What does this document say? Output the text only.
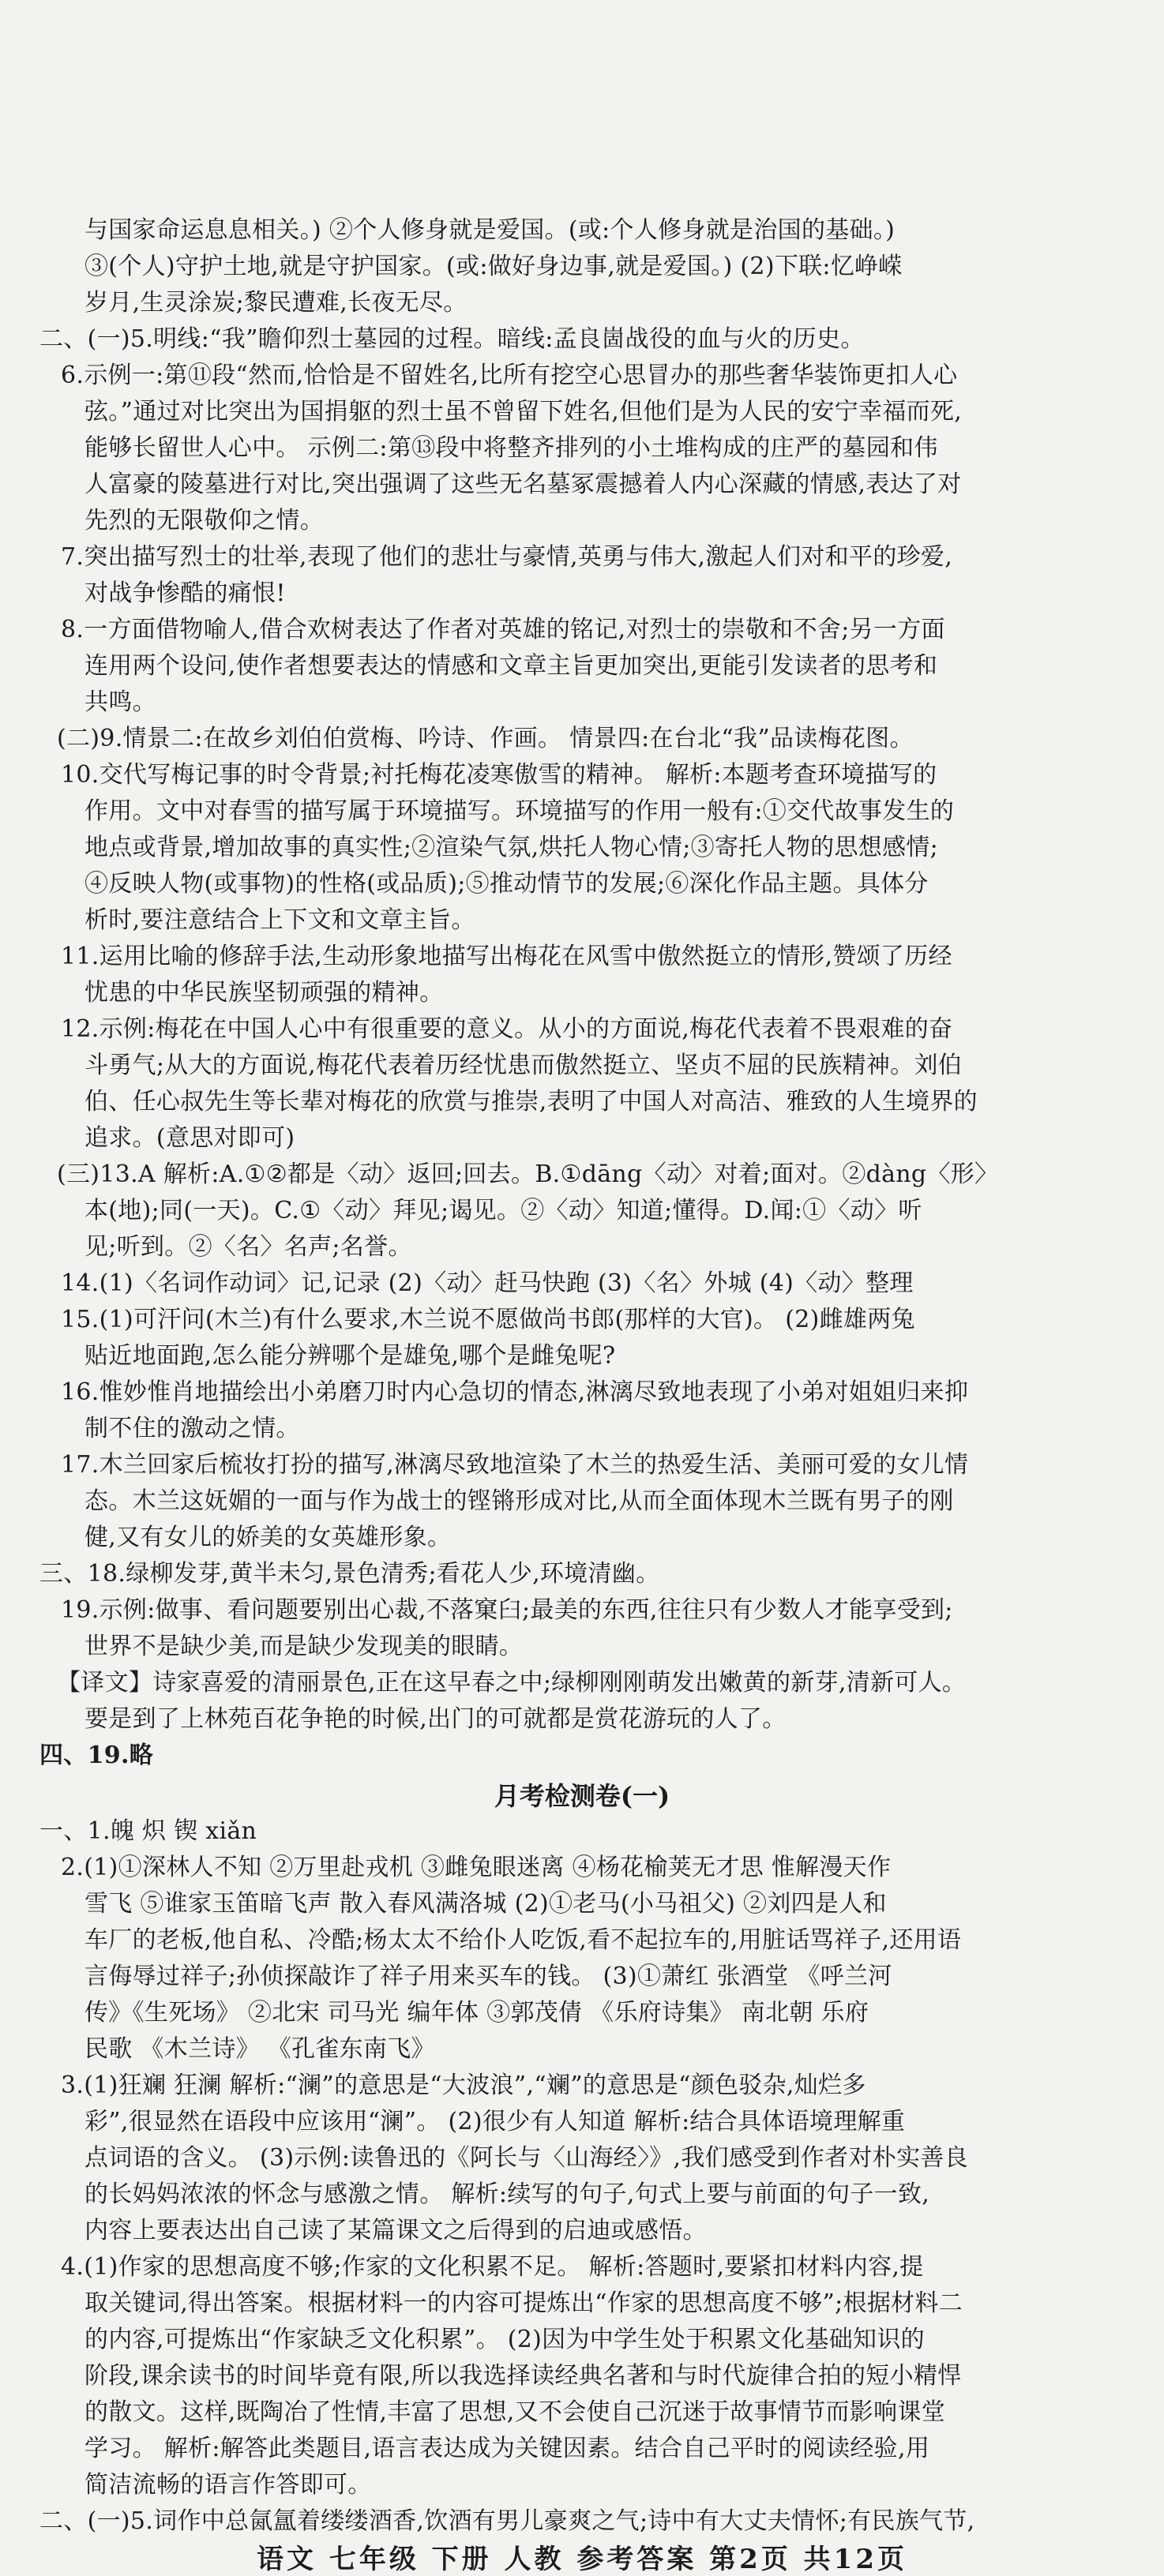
与国家命运息息相关。) ②个人修身就是爱国。(或:个人修身就是治国的基础。)
③(个人)守护土地,就是守护国家。(或:做好身边事,就是爱国。) (2)下联:忆峥嵘
岁月,生灵涂炭;黎民遭难,长夜无尽。
二、(一)5.明线:“我”瞻仰烈士墓园的过程。暗线:孟良崮战役的血与火的历史。
6.示例一:第⑪段“然而,恰恰是不留姓名,比所有挖空心思冒办的那些奢华装饰更扣人心
弦。”通过对比突出为国捐躯的烈士虽不曾留下姓名,但他们是为人民的安宁幸福而死,
能够长留世人心中。 示例二:第⑬段中将整齐排列的小土堆构成的庄严的墓园和伟
人富豪的陵墓进行对比,突出强调了这些无名墓冢震撼着人内心深藏的情感,表达了对
先烈的无限敬仰之情。
7.突出描写烈士的壮举,表现了他们的悲壮与豪情,英勇与伟大,激起人们对和平的珍爱,
对战争惨酷的痛恨!
8.一方面借物喻人,借合欢树表达了作者对英雄的铭记,对烈士的崇敬和不舍;另一方面
连用两个设问,使作者想要表达的情感和文章主旨更加突出,更能引发读者的思考和
共鸣。
(二)9.情景二:在故乡刘伯伯赏梅、吟诗、作画。 情景四:在台北“我”品读梅花图。
10.交代写梅记事的时令背景;衬托梅花凌寒傲雪的精神。 解析:本题考查环境描写的
作用。文中对春雪的描写属于环境描写。环境描写的作用一般有:①交代故事发生的
地点或背景,增加故事的真实性;②渲染气氛,烘托人物心情;③寄托人物的思想感情;
④反映人物(或事物)的性格(或品质);⑤推动情节的发展;⑥深化作品主题。具体分
析时,要注意结合上下文和文章主旨。
11.运用比喻的修辞手法,生动形象地描写出梅花在风雪中傲然挺立的情形,赞颂了历经
忧患的中华民族坚韧顽强的精神。
12.示例:梅花在中国人心中有很重要的意义。从小的方面说,梅花代表着不畏艰难的奋
斗勇气;从大的方面说,梅花代表着历经忧患而傲然挺立、坚贞不屈的民族精神。刘伯
伯、任心叔先生等长辈对梅花的欣赏与推崇,表明了中国人对高洁、雅致的人生境界的
追求。(意思对即可)
(三)13.A 解析:A.①②都是〈动〉返回;回去。B.①dāng〈动〉对着;面对。②dàng〈形〉
本(地);同(一天)。C.①〈动〉拜见;谒见。②〈动〉知道;懂得。D.闻:①〈动〉听
见;听到。②〈名〉名声;名誉。
14.(1)〈名词作动词〉记,记录 (2)〈动〉赶马快跑 (3)〈名〉外城 (4)〈动〉整理
15.(1)可汗问(木兰)有什么要求,木兰说不愿做尚书郎(那样的大官)。 (2)雌雄两兔
贴近地面跑,怎么能分辨哪个是雄兔,哪个是雌兔呢?
16.惟妙惟肖地描绘出小弟磨刀时内心急切的情态,淋漓尽致地表现了小弟对姐姐归来抑
制不住的激动之情。
17.木兰回家后梳妆打扮的描写,淋漓尽致地渲染了木兰的热爱生活、美丽可爱的女儿情
态。木兰这妩媚的一面与作为战士的铿锵形成对比,从而全面体现木兰既有男子的刚
健,又有女儿的娇美的女英雄形象。
三、18.绿柳发芽,黄半未匀,景色清秀;看花人少,环境清幽。
19.示例:做事、看问题要别出心裁,不落窠臼;最美的东西,往往只有少数人才能享受到;
世界不是缺少美,而是缺少发现美的眼睛。
【译文】诗家喜爱的清丽景色,正在这早春之中;绿柳刚刚萌发出嫩黄的新芽,清新可人。
要是到了上林苑百花争艳的时候,出门的可就都是赏花游玩的人了。
四、19.略
月考检测卷(一)
一、1.魄 炽 锲 xiǎn
2.(1)①深林人不知 ②万里赴戎机 ③雌兔眼迷离 ④杨花榆荚无才思 惟解漫天作
雪飞 ⑤谁家玉笛暗飞声 散入春风满洛城 (2)①老马(小马祖父) ②刘四是人和
车厂的老板,他自私、冷酷;杨太太不给仆人吃饭,看不起拉车的,用脏话骂祥子,还用语
言侮辱过祥子;孙侦探敲诈了祥子用来买车的钱。 (3)①萧红 张酒堂 《呼兰河
传》《生死场》 ②北宋 司马光 编年体 ③郭茂倩 《乐府诗集》 南北朝 乐府
民歌 《木兰诗》 《孔雀东南飞》
3.(1)狂斓 狂澜 解析:“澜”的意思是“大波浪”,“斓”的意思是“颜色驳杂,灿烂多
彩”,很显然在语段中应该用“澜”。 (2)很少有人知道 解析:结合具体语境理解重
点词语的含义。 (3)示例:读鲁迅的《阿长与〈山海经〉》,我们感受到作者对朴实善良
的长妈妈浓浓的怀念与感激之情。 解析:续写的句子,句式上要与前面的句子一致,
内容上要表达出自己读了某篇课文之后得到的启迪或感悟。
4.(1)作家的思想高度不够;作家的文化积累不足。 解析:答题时,要紧扣材料内容,提
取关键词,得出答案。根据材料一的内容可提炼出“作家的思想高度不够”;根据材料二
的内容,可提炼出“作家缺乏文化积累”。 (2)因为中学生处于积累文化基础知识的
阶段,课余读书的时间毕竟有限,所以我选择读经典名著和与时代旋律合拍的短小精悍
的散文。这样,既陶冶了性情,丰富了思想,又不会使自己沉迷于故事情节而影响课堂
学习。 解析:解答此类题目,语言表达成为关键因素。结合自己平时的阅读经验,用
简洁流畅的语言作答即可。
二、(一)5.词作中总氤氲着缕缕酒香,饮酒有男儿豪爽之气;诗中有大丈夫情怀;有民族气节,
语文 七年级 下册 人教 参考答案 第2页 共12页
